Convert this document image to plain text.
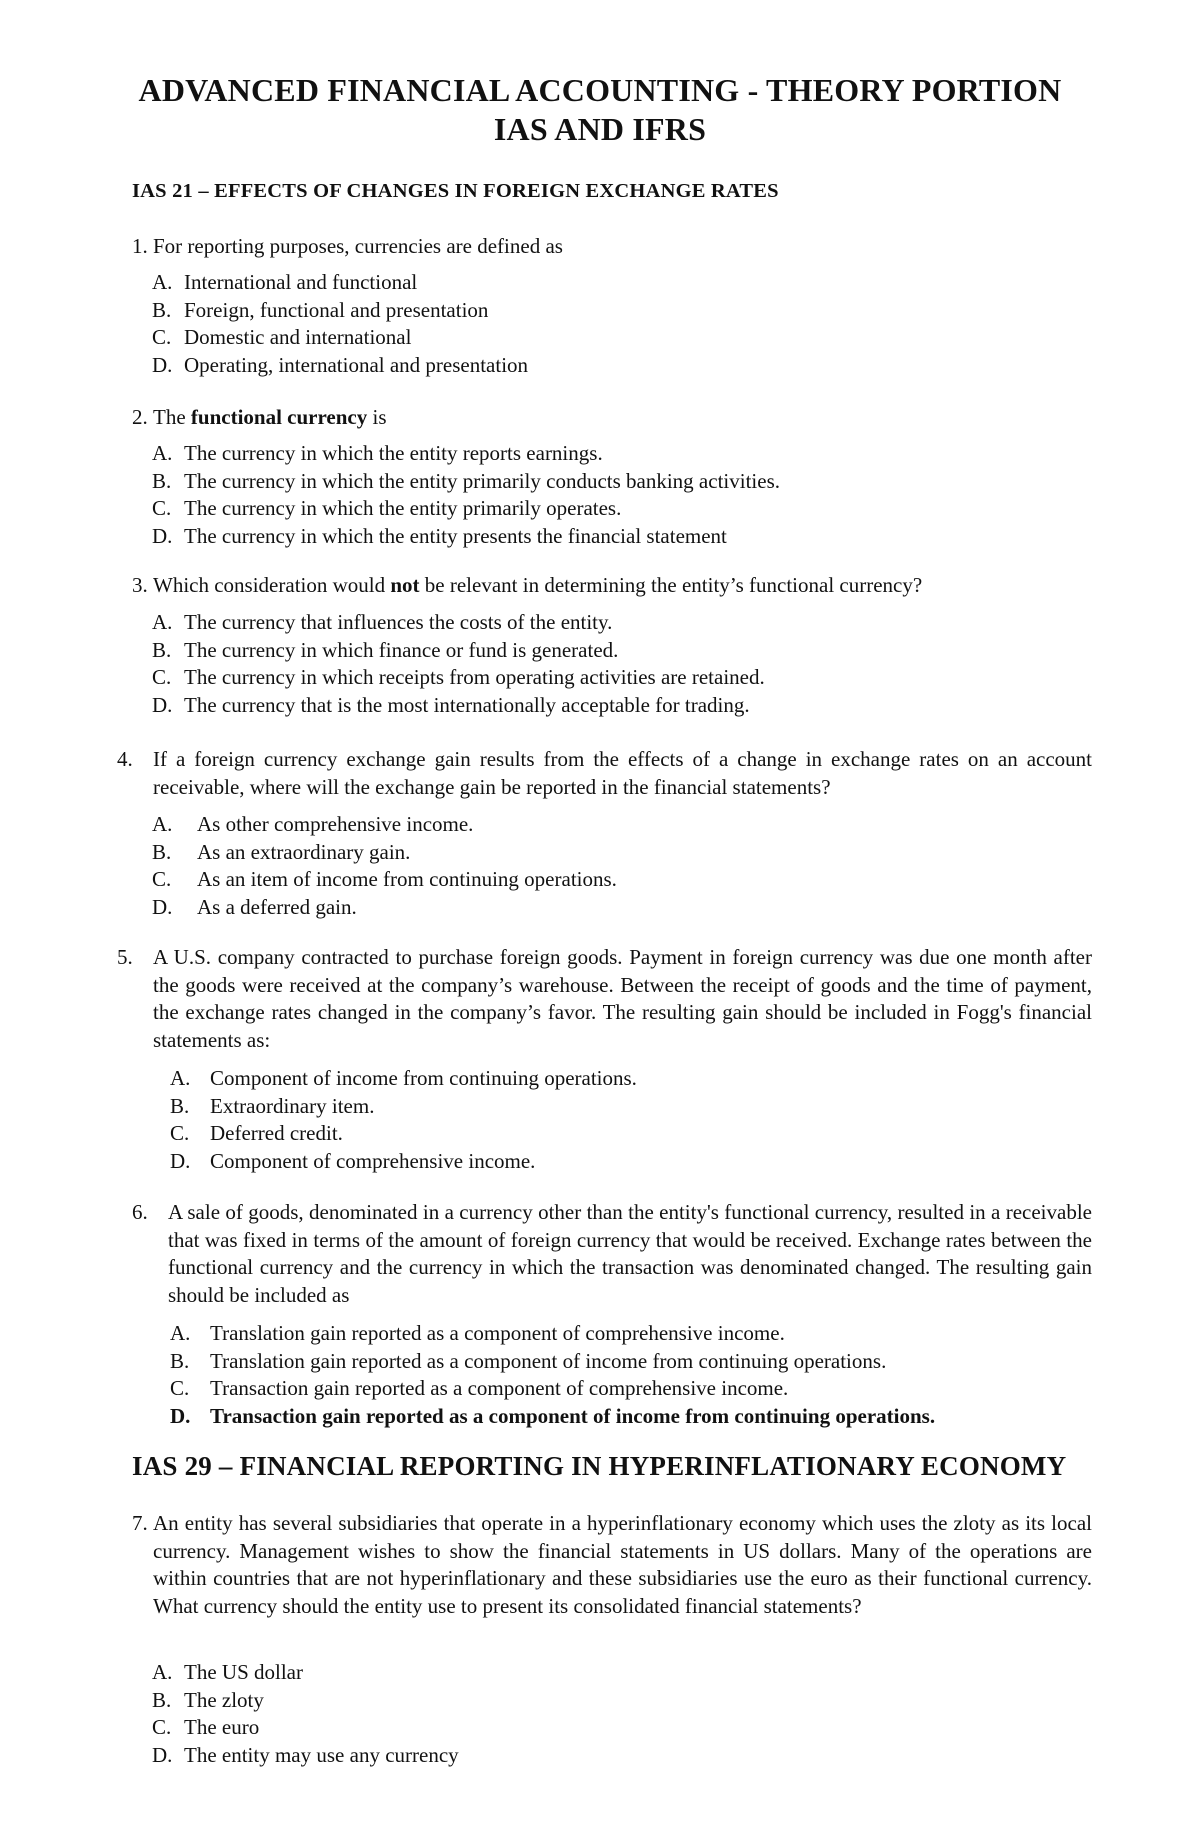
ADVANCED FINANCIAL ACCOUNTING - THEORY PORTION
IAS AND IFRS
IAS 21 – EFFECTS OF CHANGES IN FOREIGN EXCHANGE RATES
1. For reporting purposes, currencies are defined as
A. International and functional
B. Foreign, functional and presentation
C. Domestic and international
D. Operating, international and presentation
2. The functional currency is
A. The currency in which the entity reports earnings.
B. The currency in which the entity primarily conducts banking activities.
C. The currency in which the entity primarily operates.
D. The currency in which the entity presents the financial statement
3. Which consideration would not be relevant in determining the entity’s functional currency?
A. The currency that influences the costs of the entity.
B. The currency in which finance or fund is generated.
C. The currency in which receipts from operating activities are retained.
D. The currency that is the most internationally acceptable for trading.
4. If a foreign currency exchange gain results from the effects of a change in exchange rates on an account receivable, where will the exchange gain be reported in the financial statements?
A. As other comprehensive income.
B. As an extraordinary gain.
C. As an item of income from continuing operations.
D. As a deferred gain.
5. A U.S. company contracted to purchase foreign goods. Payment in foreign currency was due one month after the goods were received at the company’s warehouse. Between the receipt of goods and the time of payment, the exchange rates changed in the company’s favor. The resulting gain should be included in Fogg's financial statements as:
A. Component of income from continuing operations.
B. Extraordinary item.
C. Deferred credit.
D. Component of comprehensive income.
6. A sale of goods, denominated in a currency other than the entity's functional currency, resulted in a receivable that was fixed in terms of the amount of foreign currency that would be received. Exchange rates between the functional currency and the currency in which the transaction was denominated changed. The resulting gain should be included as
A. Translation gain reported as a component of comprehensive income.
B. Translation gain reported as a component of income from continuing operations.
C. Transaction gain reported as a component of comprehensive income.
D. Transaction gain reported as a component of income from continuing operations.
IAS 29 – FINANCIAL REPORTING IN HYPERINFLATIONARY ECONOMY
7. An entity has several subsidiaries that operate in a hyperinflationary economy which uses the zloty as its local currency. Management wishes to show the financial statements in US dollars. Many of the operations are within countries that are not hyperinflationary and these subsidiaries use the euro as their functional currency. What currency should the entity use to present its consolidated financial statements?
A. The US dollar
B. The zloty
C. The euro
D. The entity may use any currency
